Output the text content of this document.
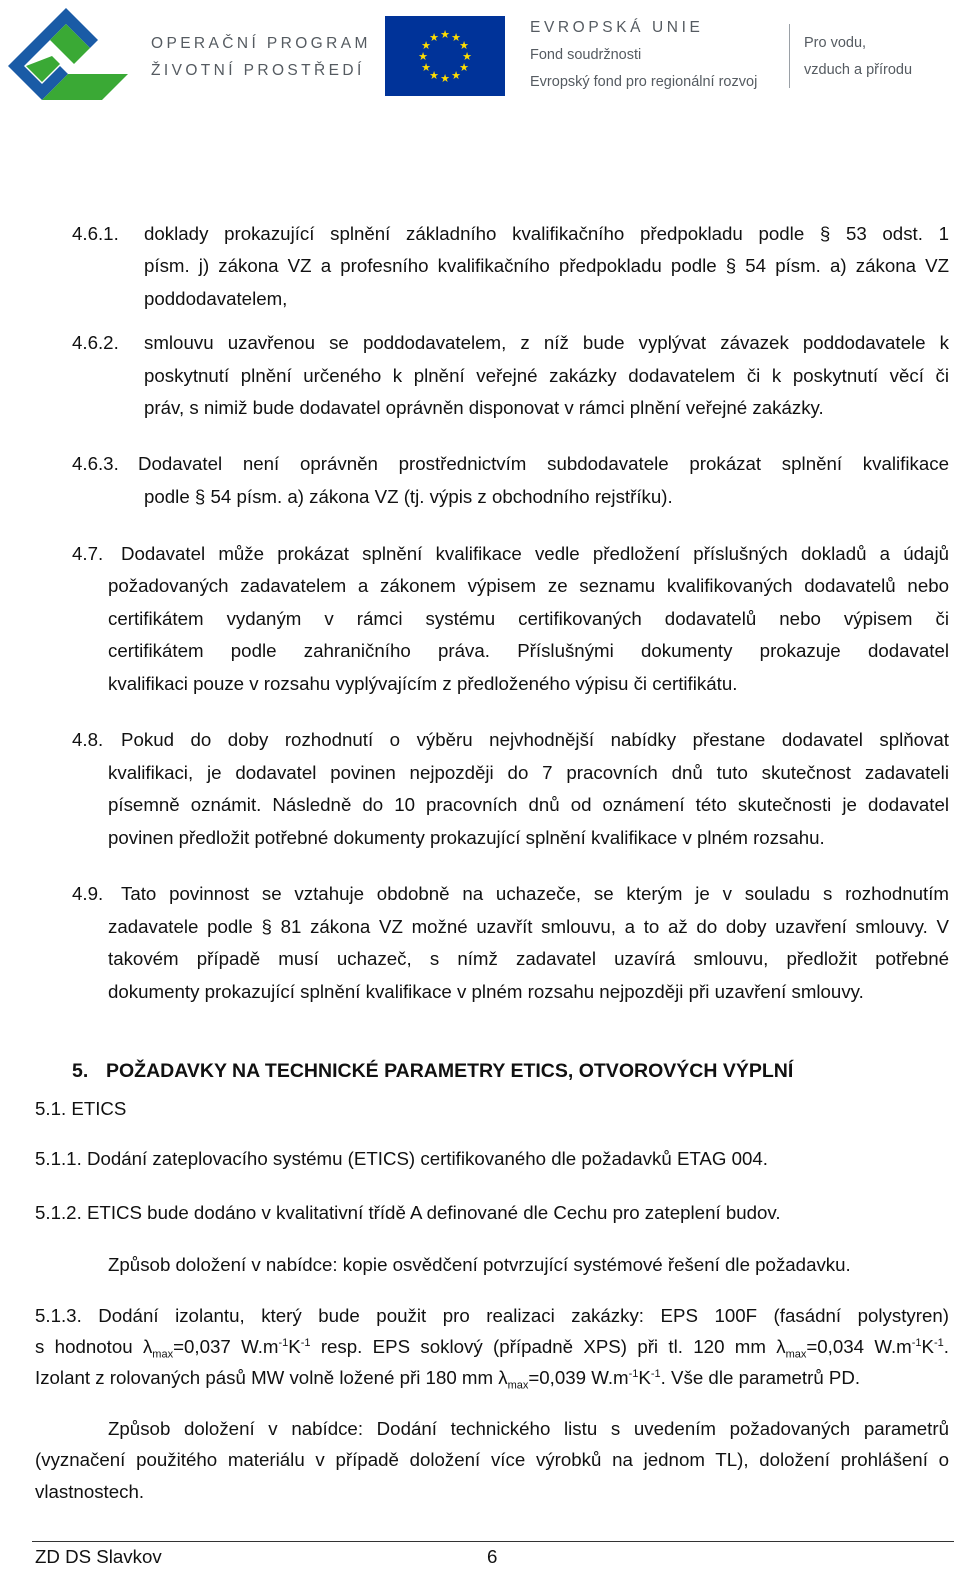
OPERAČNÍ PROGRAM
ŽIVOTNÍ PROSTŘEDÍ
★ ★
★
★
★
★
★
★
★
★
★
★
EVROPSKÁ UNIE
Fond soudržnosti
Evropský fond pro regionální rozvoj
Pro vodu,
vzduch a přírodu
4.6.1. doklady prokazující splnění základního kvalifikačního předpokladu podle § 53 odst. 1
písm. j) zákona VZ a profesního kvalifikačního předpokladu podle § 54 písm. a) zákona VZ
poddodavatelem,
4.6.2. smlouvu uzavřenou se poddodavatelem, z níž bude vyplývat závazek poddodavatele k
poskytnutí plnění určeného k plnění veřejné zakázky dodavatelem či k poskytnutí věcí či
práv, s nimiž bude dodavatel oprávněn disponovat v rámci plnění veřejné zakázky.
4.6.3. Dodavatel není oprávněn prostřednictvím subdodavatele prokázat splnění kvalifikace
podle § 54 písm. a) zákona VZ (tj. výpis z obchodního rejstříku).
4.7. Dodavatel může prokázat splnění kvalifikace vedle předložení příslušných dokladů a údajů
požadovaných zadavatelem a zákonem výpisem ze seznamu kvalifikovaných dodavatelů nebo
certifikátem vydaným v rámci systému certifikovaných dodavatelů nebo výpisem či
certifikátem podle zahraničního práva. Příslušnými dokumenty prokazuje dodavatel
kvalifikaci pouze v rozsahu vyplývajícím z předloženého výpisu či certifikátu.
4.8. Pokud do doby rozhodnutí o výběru nejvhodnější nabídky přestane dodavatel splňovat
kvalifikaci, je dodavatel povinen nejpozději do 7 pracovních dnů tuto skutečnost zadavateli
písemně oznámit. Následně do 10 pracovních dnů od oznámení této skutečnosti je dodavatel
povinen předložit potřebné dokumenty prokazující splnění kvalifikace v plném rozsahu.
4.9. Tato povinnost se vztahuje obdobně na uchazeče, se kterým je v souladu s rozhodnutím
zadavatele podle § 81 zákona VZ možné uzavřít smlouvu, a to až do doby uzavření smlouvy. V
takovém případě musí uchazeč, s nímž zadavatel uzavírá smlouvu, předložit potřebné
dokumenty prokazující splnění kvalifikace v plném rozsahu nejpozději při uzavření smlouvy.
5. POŽADAVKY NA TECHNICKÉ PARAMETRY ETICS, OTVOROVÝCH VÝPLNÍ
5.1. ETICS
5.1.1. Dodání zateplovacího systému (ETICS) certifikovaného dle požadavků ETAG 004.
5.1.2. ETICS bude dodáno v kvalitativní třídě A definované dle Cechu pro zateplení budov.
Způsob doložení v nabídce: kopie osvědčení potvrzující systémové řešení dle požadavku.
5.1.3. Dodání izolantu, který bude použit pro realizaci zakázky: EPS 100F (fasádní polystyren)
s hodnotou $\lambda_{max}=0,037$ $W.m^{-1}K^{-1}$ resp. EPS soklový (případně XPS) při tl. 120 mm $\lambda_{max}=0,034$ $W.m^{-1}K^{-1}$.
Izolant z rolovaných pásů MW volně ložené při 180 mm $\lambda_{max}=0,039$ $W.m^{-1}K^{-1}$. Vše dle parametrů PD.
Způsob doložení v nabídce: Dodání technického listu s uvedením požadovaných parametrů
(vyznačení použitého materiálu v případě doložení více výrobků na jednom TL), doložení prohlášení o
vlastnostech.
ZD DS Slavkov	6
